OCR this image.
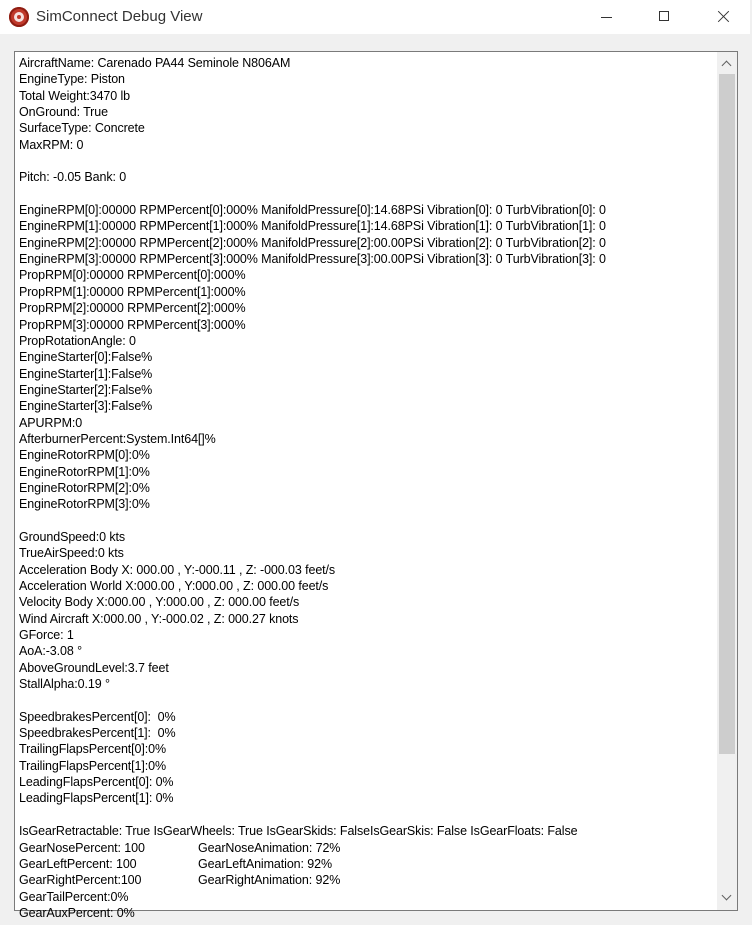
SimConnect Debug View
AircraftName: Carenado PA44 Seminole N806AM
EngineType: Piston
Total Weight:3470 lb
OnGround: True
SurfaceType: Concrete
MaxRPM: 0
Pitch: -0.05 Bank: 0
EngineRPM[0]:00000 RPMPercent[0]:000% ManifoldPressure[0]:14.68PSi Vibration[0]: 0 TurbVibration[0]: 0
EngineRPM[1]:00000 RPMPercent[1]:000% ManifoldPressure[1]:14.68PSi Vibration[1]: 0 TurbVibration[1]: 0
EngineRPM[2]:00000 RPMPercent[2]:000% ManifoldPressure[2]:00.00PSi Vibration[2]: 0 TurbVibration[2]: 0
EngineRPM[3]:00000 RPMPercent[3]:000% ManifoldPressure[3]:00.00PSi Vibration[3]: 0 TurbVibration[3]: 0
PropRPM[0]:00000 RPMPercent[0]:000%
PropRPM[1]:00000 RPMPercent[1]:000%
PropRPM[2]:00000 RPMPercent[2]:000%
PropRPM[3]:00000 RPMPercent[3]:000%
PropRotationAngle: 0
EngineStarter[0]:False%
EngineStarter[1]:False%
EngineStarter[2]:False%
EngineStarter[3]:False%
APURPM:0
AfterburnerPercent:System.Int64[]%
EngineRotorRPM[0]:0%
EngineRotorRPM[1]:0%
EngineRotorRPM[2]:0%
EngineRotorRPM[3]:0%
GroundSpeed:0 kts
TrueAirSpeed:0 kts
Acceleration Body X: 000.00 , Y:-000.11 , Z: -000.03 feet/s
Acceleration World X:000.00 , Y:000.00 , Z: 000.00 feet/s
Velocity Body X:000.00 , Y:000.00 , Z: 000.00 feet/s
Wind Aircraft X:000.00 , Y:-000.02 , Z: 000.27 knots
GForce: 1
AoA:-3.08 °
AboveGroundLevel:3.7 feet
StallAlpha:0.19 °
SpeedbrakesPercent[0]:  0%
SpeedbrakesPercent[1]:  0%
TrailingFlapsPercent[0]:0%
TrailingFlapsPercent[1]:0%
LeadingFlapsPercent[0]: 0%
LeadingFlapsPercent[1]: 0%
IsGearRetractable: True IsGearWheels: True IsGearSkids: FalseIsGearSkis: False IsGearFloats: False
GearNosePercent: 100	GearNoseAnimation: 72%
GearLeftPercent: 100	GearLeftAnimation: 92%
GearRightPercent:100	GearRightAnimation: 92%
GearTailPercent:0%
GearAuxPercent: 0%
